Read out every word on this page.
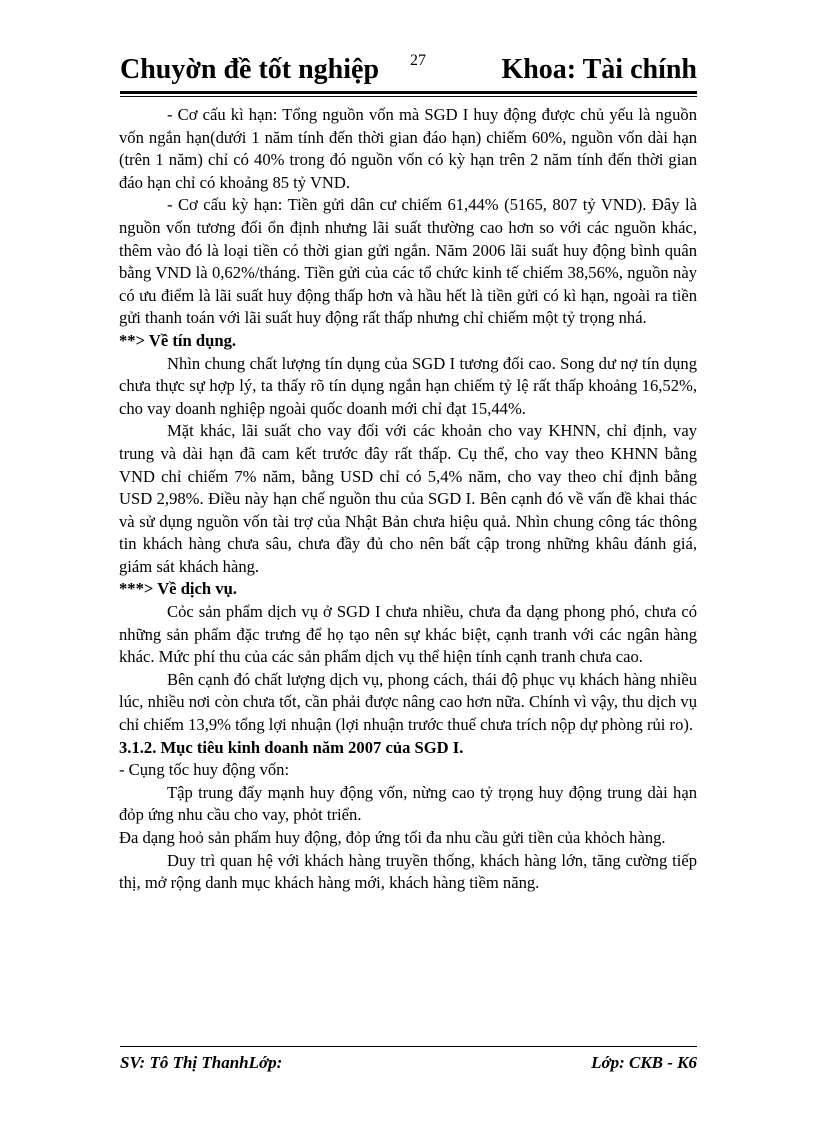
Chuyờn đề tốt nghiệp 27	Khoa: Tài chính

- Cơ cấu kì hạn: Tổng nguồn vốn mà SGD I huy động được chủ yếu là nguồn vốn ngắn hạn(dưới 1 năm tính đến thời gian đáo hạn) chiếm 60%, nguồn vốn dài hạn (trên 1 năm) chỉ có 40% trong đó nguồn vốn có kỳ hạn trên 2 năm tính đến thời gian đáo hạn chỉ có khoảng 85 tỷ VND.

- Cơ cấu kỳ hạn: Tiền gửi dân cư chiếm 61,44% (5165, 807 tỷ VND). Đây là nguồn vốn tương đối ổn định nhưng lãi suất thường cao hơn so với các nguồn khác, thêm vào đó là loại tiền có thời gian gửi ngắn. Năm 2006 lãi suất huy động bình quân bằng VND là 0,62%/tháng. Tiền gửi của các tổ chức kinh tế chiếm 38,56%, nguồn này có ưu điểm là lãi suất huy động thấp hơn và hầu hết là tiền gửi có kì hạn, ngoài ra tiền gửi thanh toán với lãi suất huy động rất thấp nhưng chỉ chiếm một tỷ trọng nhá.

**> Về tín dụng.

Nhìn chung chất lượng tín dụng của SGD I tương đối cao. Song dư nợ tín dụng chưa thực sự hợp lý, ta thấy rõ tín dụng ngắn hạn chiếm tỷ lệ rất thấp khoảng 16,52%, cho vay doanh nghiệp ngoài quốc doanh mới chỉ đạt 15,44%.

Mặt khác, lãi suất cho vay đối với các khoản cho vay KHNN, chỉ định, vay trung và dài hạn đã cam kết trước đây rất thấp. Cụ thể, cho vay theo KHNN bằng VND chỉ chiếm 7% năm, bằng USD chỉ có 5,4% năm, cho vay theo chỉ định bằng USD 2,98%. Điều này hạn chế nguồn thu của SGD I. Bên cạnh đó về vấn đề khai thác và sử dụng nguồn vốn tài trợ của Nhật Bản chưa hiệu quả. Nhìn chung công tác thông tin khách hàng chưa sâu, chưa đầy đủ cho nên bất cập trong những khâu đánh giá, giám sát khách hàng.

***> Về dịch vụ.

Cỏc sản phẩm dịch vụ ở SGD I chưa nhiều, chưa đa dạng phong phó, chưa có những sản phẩm đặc trưng để họ tạo nên sự khác biệt, cạnh tranh với các ngân hàng khác. Mức phí thu của các sản phẩm dịch vụ thể hiện tính cạnh tranh chưa cao.

Bên cạnh đó chất lượng dịch vụ, phong cách, thái độ phục vụ khách hàng nhiều lúc, nhiều nơi còn chưa tốt, cần phải được nâng cao hơn nữa. Chính vì vậy, thu dịch vụ chỉ chiếm 13,9% tổng lợi nhuận (lợi nhuận trước thuế chưa trích nộp dự phòng rủi ro).

3.1.2. Mục tiêu kinh doanh năm 2007 của SGD I.

- Cụng tốc huy động vốn:

Tập trung đẩy mạnh huy động vốn, nừng cao tỷ trọng huy động trung dài hạn đỏp ứng nhu cầu cho vay, phỏt triển.

Đa dạng hoỏ sản phẩm huy động, đỏp ứng tối đa nhu cầu gửi tiền của khỏch hàng.

Duy trì quan hệ với khách hàng truyền thống, khách hàng lớn, tăng cường tiếp thị, mở rộng danh mục khách hàng mới, khách hàng tiềm năng.

SV: Tô Thị ThanhLớp:	Lớp: CKB - K6
